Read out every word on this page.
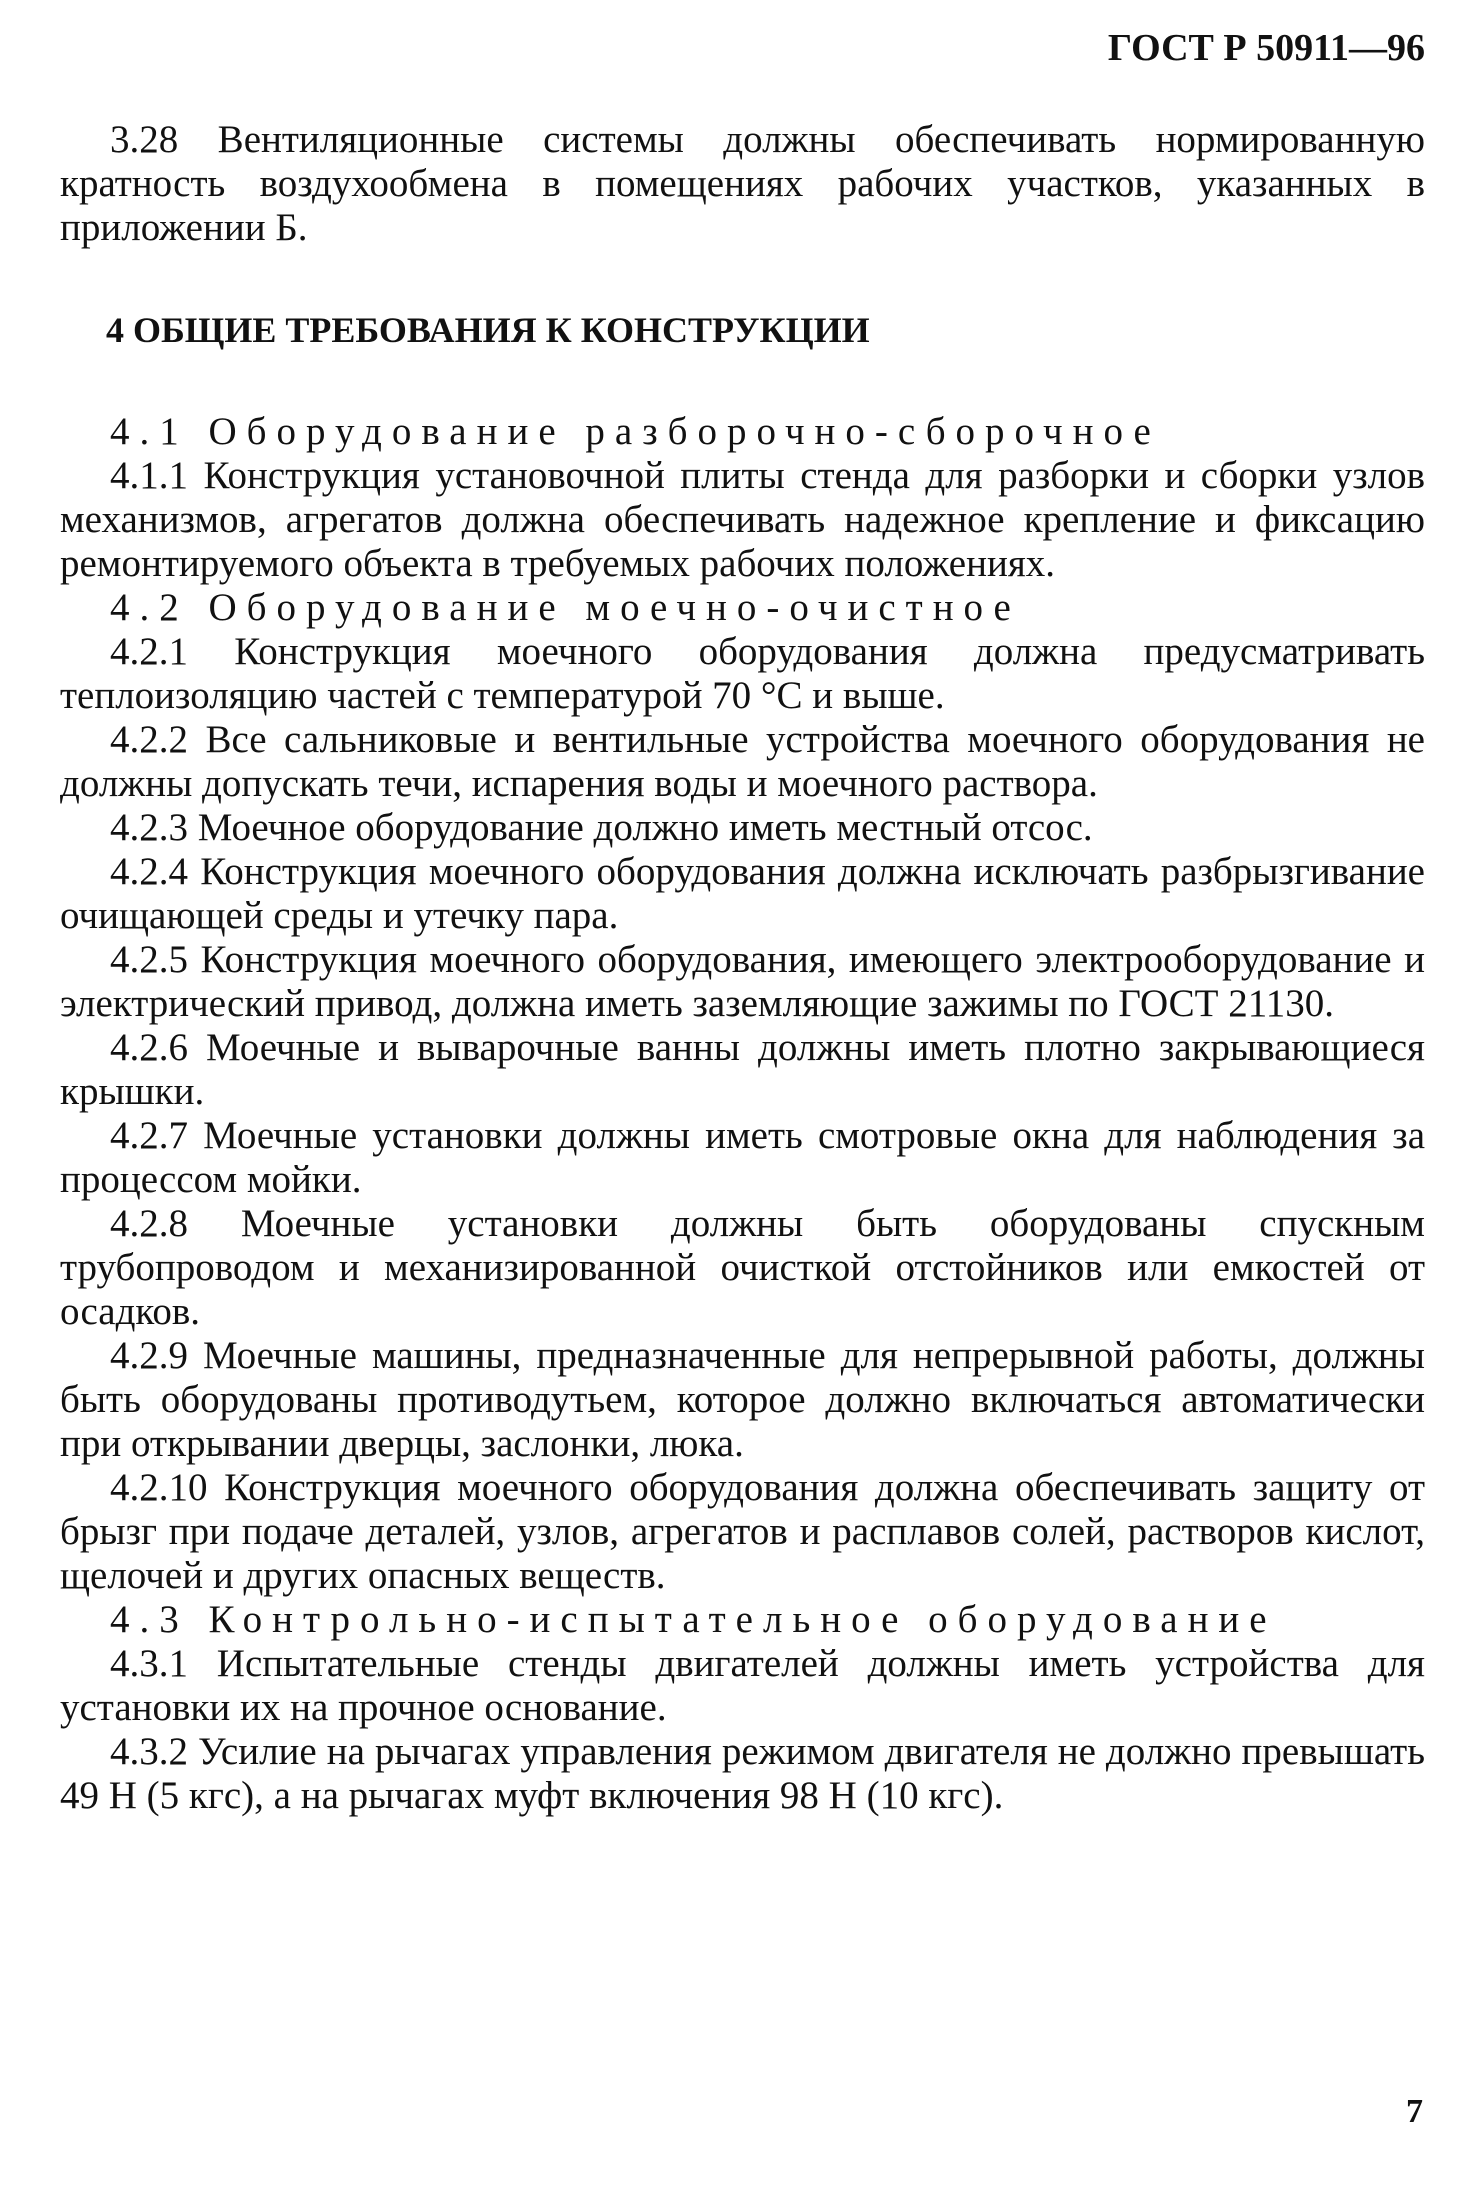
ГОСТ Р 50911—96

3.28 Вентиляционные системы должны обеспечивать нормированную кратность воздухообмена в помещениях рабочих участков, указанных в приложении Б.

4 ОБЩИЕ ТРЕБОВАНИЯ К КОНСТРУКЦИИ

4.1 Оборудование разборочно-сборочное

4.1.1 Конструкция установочной плиты стенда для разборки и сборки узлов механизмов, агрегатов должна обеспечивать надежное крепление и фиксацию ремонтируемого объекта в требуемых рабочих положениях.

4.2 Оборудование моечно-очистное

4.2.1 Конструкция моечного оборудования должна предусматривать теплоизоляцию частей с температурой 70 °С и выше.

4.2.2 Все сальниковые и вентильные устройства моечного оборудования не должны допускать течи, испарения воды и моечного раствора.

4.2.3 Моечное оборудование должно иметь местный отсос.

4.2.4 Конструкция моечного оборудования должна исключать разбрызгивание очищающей среды и утечку пара.

4.2.5 Конструкция моечного оборудования, имеющего электрооборудование и электрический привод, должна иметь заземляющие зажимы по ГОСТ 21130.

4.2.6 Моечные и выварочные ванны должны иметь плотно закрывающиеся крышки.

4.2.7 Моечные установки должны иметь смотровые окна для наблюдения за процессом мойки.

4.2.8 Моечные установки должны быть оборудованы спускным трубопроводом и механизированной очисткой отстойников или емкостей от осадков.

4.2.9 Моечные машины, предназначенные для непрерывной работы, должны быть оборудованы противодутьем, которое должно включаться автоматически при открывании дверцы, заслонки, люка.

4.2.10 Конструкция моечного оборудования должна обеспечивать защиту от брызг при подаче деталей, узлов, агрегатов и расплавов солей, растворов кислот, щелочей и других опасных веществ.

4.3 Контрольно-испытательное оборудование

4.3.1 Испытательные стенды двигателей должны иметь устройства для установки их на прочное основание.

4.3.2 Усилие на рычагах управления режимом двигателя не должно превышать 49 Н (5 кгс), а на рычагах муфт включения 98 Н (10 кгс).

7
